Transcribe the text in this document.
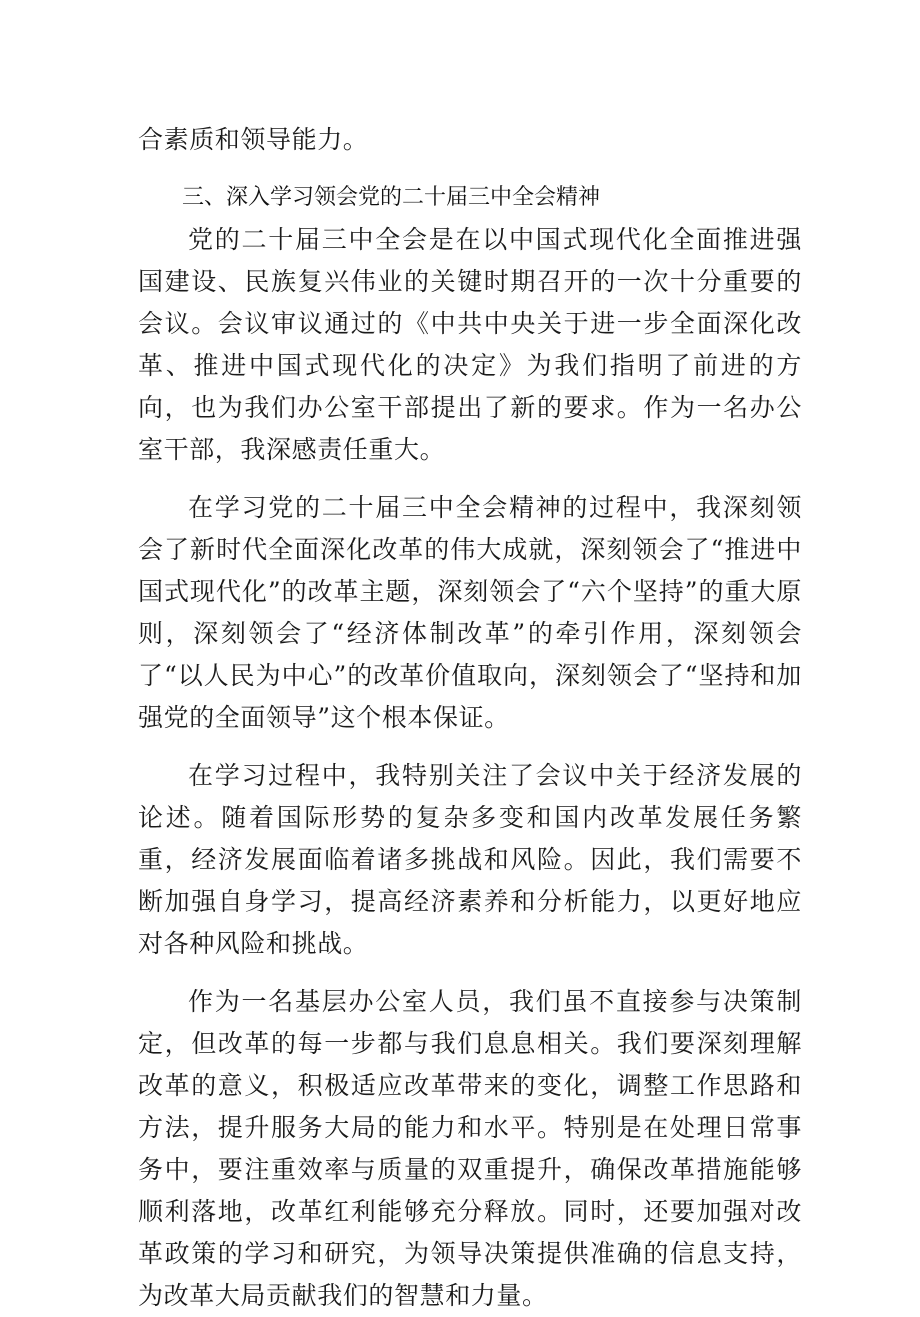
合素质和领导能力。

三、深入学习领会党的二十届三中全会精神

党的二十届三中全会是在以中国式现代化全面推进强国建设、民族复兴伟业的关键时期召开的一次十分重要的会议。会议审议通过的《中共中央关于进一步全面深化改革、推进中国式现代化的决定》为我们指明了前进的方向，也为我们办公室干部提出了新的要求。作为一名办公室干部，我深感责任重大。

在学习党的二十届三中全会精神的过程中，我深刻领会了新时代全面深化改革的伟大成就，深刻领会了“推进中国式现代化”的改革主题，深刻领会了“六个坚持”的重大原则，深刻领会了“经济体制改革”的牵引作用，深刻领会了“以人民为中心”的改革价值取向，深刻领会了“坚持和加强党的全面领导”这个根本保证。

在学习过程中，我特别关注了会议中关于经济发展的论述。随着国际形势的复杂多变和国内改革发展任务繁重，经济发展面临着诸多挑战和风险。因此，我们需要不断加强自身学习，提高经济素养和分析能力，以更好地应对各种风险和挑战。

作为一名基层办公室人员，我们虽不直接参与决策制定，但改革的每一步都与我们息息相关。我们要深刻理解改革的意义，积极适应改革带来的变化，调整工作思路和方法，提升服务大局的能力和水平。特别是在处理日常事务中，要注重效率与质量的双重提升，确保改革措施能够顺利落地，改革红利能够充分释放。同时，还要加强对改革政策的学习和研究，为领导决策提供准确的信息支持，为改革大局贡献我们的智慧和力量。
